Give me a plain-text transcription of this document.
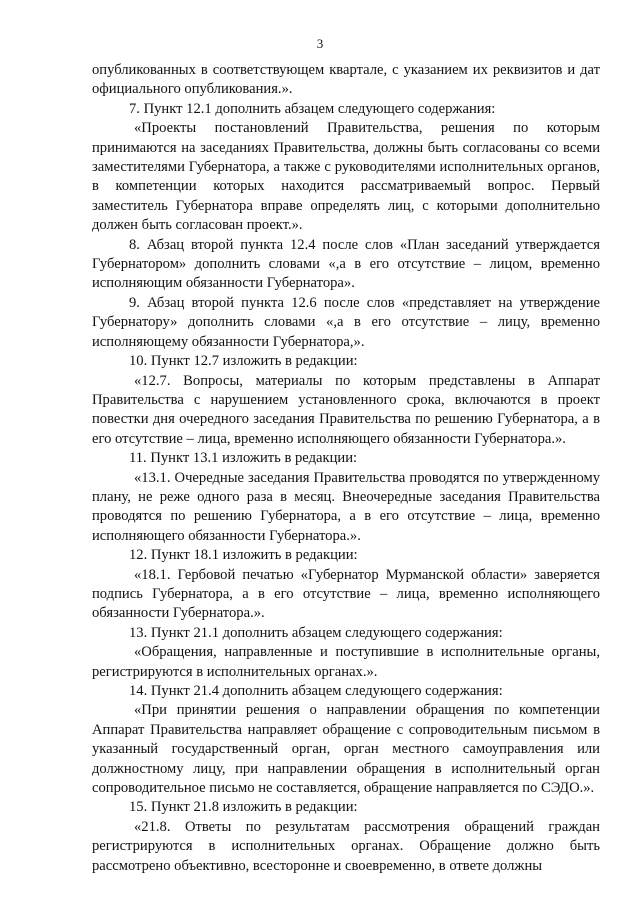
3

опубликованных в соответствующем квартале, с указанием их реквизитов и дат официального опубликования.».

7. Пункт 12.1 дополнить абзацем следующего содержания:

«Проекты постановлений Правительства, решения по которым принимаются на заседаниях Правительства, должны быть согласованы со всеми заместителями Губернатора, а также с руководителями исполнительных органов, в компетенции которых находится рассматриваемый вопрос. Первый заместитель Губернатора вправе определять лиц, с которыми дополнительно должен быть согласован проект.».

8. Абзац второй пункта 12.4 после слов «План заседаний утверждается Губернатором» дополнить словами «,а в его отсутствие – лицом, временно исполняющим обязанности Губернатора».

9. Абзац второй пункта 12.6 после слов «представляет на утверждение Губернатору» дополнить словами «,а в его отсутствие – лицу, временно исполняющему обязанности Губернатора,».

10. Пункт 12.7 изложить в редакции:

«12.7. Вопросы, материалы по которым представлены в Аппарат Правительства с нарушением установленного срока, включаются в проект повестки дня очередного заседания Правительства по решению Губернатора, а в его отсутствие – лица, временно исполняющего обязанности Губернатора.».

11. Пункт 13.1 изложить в редакции:

«13.1. Очередные заседания Правительства проводятся по утвержденному плану, не реже одного раза в месяц. Внеочередные заседания Правительства проводятся по решению Губернатора, а в его отсутствие – лица, временно исполняющего обязанности Губернатора.».

12. Пункт 18.1 изложить в редакции:

«18.1. Гербовой печатью «Губернатор Мурманской области» заверяется подпись Губернатора, а в его отсутствие – лица, временно исполняющего обязанности Губернатора.».

13. Пункт 21.1 дополнить абзацем следующего содержания:

«Обращения, направленные и поступившие в исполнительные органы, регистрируются в исполнительных органах.».

14. Пункт 21.4 дополнить абзацем следующего содержания:

«При принятии решения о направлении обращения по компетенции Аппарат Правительства направляет обращение с сопроводительным письмом в указанный государственный орган, орган местного самоуправления или должностному лицу, при направлении обращения в исполнительный орган сопроводительное письмо не составляется, обращение направляется по СЭДО.».

15. Пункт 21.8 изложить в редакции:

«21.8. Ответы по результатам рассмотрения обращений граждан регистрируются в исполнительных органах. Обращение должно быть рассмотрено объективно, всесторонне и своевременно, в ответе должны
